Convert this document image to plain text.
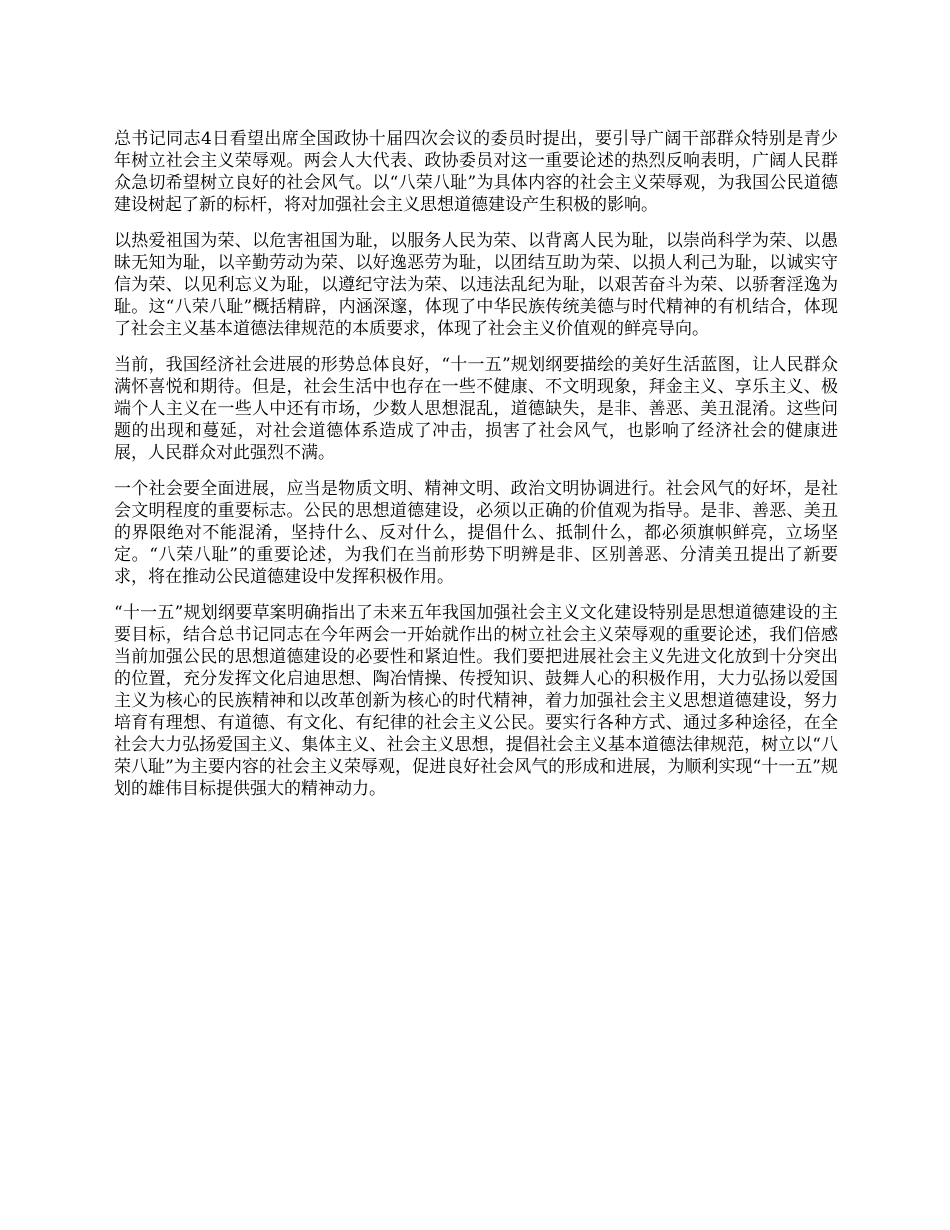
总书记同志4日看望出席全国政协十届四次会议的委员时提出，要引导广阔干部群众特别是青少年树立社会主义荣辱观。两会人大代表、政协委员对这一重要论述的热烈反响表明，广阔人民群众急切希望树立良好的社会风气。以“八荣八耻”为具体内容的社会主义荣辱观，为我国公民道德建设树起了新的标杆，将对加强社会主义思想道德建设产生积极的影响。

以热爱祖国为荣、以危害祖国为耻，以服务人民为荣、以背离人民为耻，以崇尚科学为荣、以愚昧无知为耻，以辛勤劳动为荣、以好逸恶劳为耻，以团结互助为荣、以损人利己为耻，以诚实守信为荣、以见利忘义为耻，以遵纪守法为荣、以违法乱纪为耻，以艰苦奋斗为荣、以骄奢淫逸为耻。这“八荣八耻”概括精辟，内涵深邃，体现了中华民族传统美德与时代精神的有机结合，体现了社会主义基本道德法律规范的本质要求，体现了社会主义价值观的鲜亮导向。

当前，我国经济社会进展的形势总体良好，“十一五”规划纲要描绘的美好生活蓝图，让人民群众满怀喜悦和期待。但是，社会生活中也存在一些不健康、不文明现象，拜金主义、享乐主义、极端个人主义在一些人中还有市场，少数人思想混乱，道德缺失，是非、善恶、美丑混淆。这些问题的出现和蔓延，对社会道德体系造成了冲击，损害了社会风气，也影响了经济社会的健康进展，人民群众对此强烈不满。

一个社会要全面进展，应当是物质文明、精神文明、政治文明协调进行。社会风气的好坏，是社会文明程度的重要标志。公民的思想道德建设，必须以正确的价值观为指导。是非、善恶、美丑的界限绝对不能混淆，坚持什么、反对什么，提倡什么、抵制什么，都必须旗帜鲜亮，立场坚定。“八荣八耻”的重要论述，为我们在当前形势下明辨是非、区别善恶、分清美丑提出了新要求，将在推动公民道德建设中发挥积极作用。

“十一五”规划纲要草案明确指出了未来五年我国加强社会主义文化建设特别是思想道德建设的主要目标，结合总书记同志在今年两会一开始就作出的树立社会主义荣辱观的重要论述，我们倍感当前加强公民的思想道德建设的必要性和紧迫性。我们要把进展社会主义先进文化放到十分突出的位置，充分发挥文化启迪思想、陶冶情操、传授知识、鼓舞人心的积极作用，大力弘扬以爱国主义为核心的民族精神和以改革创新为核心的时代精神，着力加强社会主义思想道德建设，努力培育有理想、有道德、有文化、有纪律的社会主义公民。要实行各种方式、通过多种途径，在全社会大力弘扬爱国主义、集体主义、社会主义思想，提倡社会主义基本道德法律规范，树立以“八荣八耻”为主要内容的社会主义荣辱观，促进良好社会风气的形成和进展，为顺利实现“十一五”规划的雄伟目标提供强大的精神动力。
